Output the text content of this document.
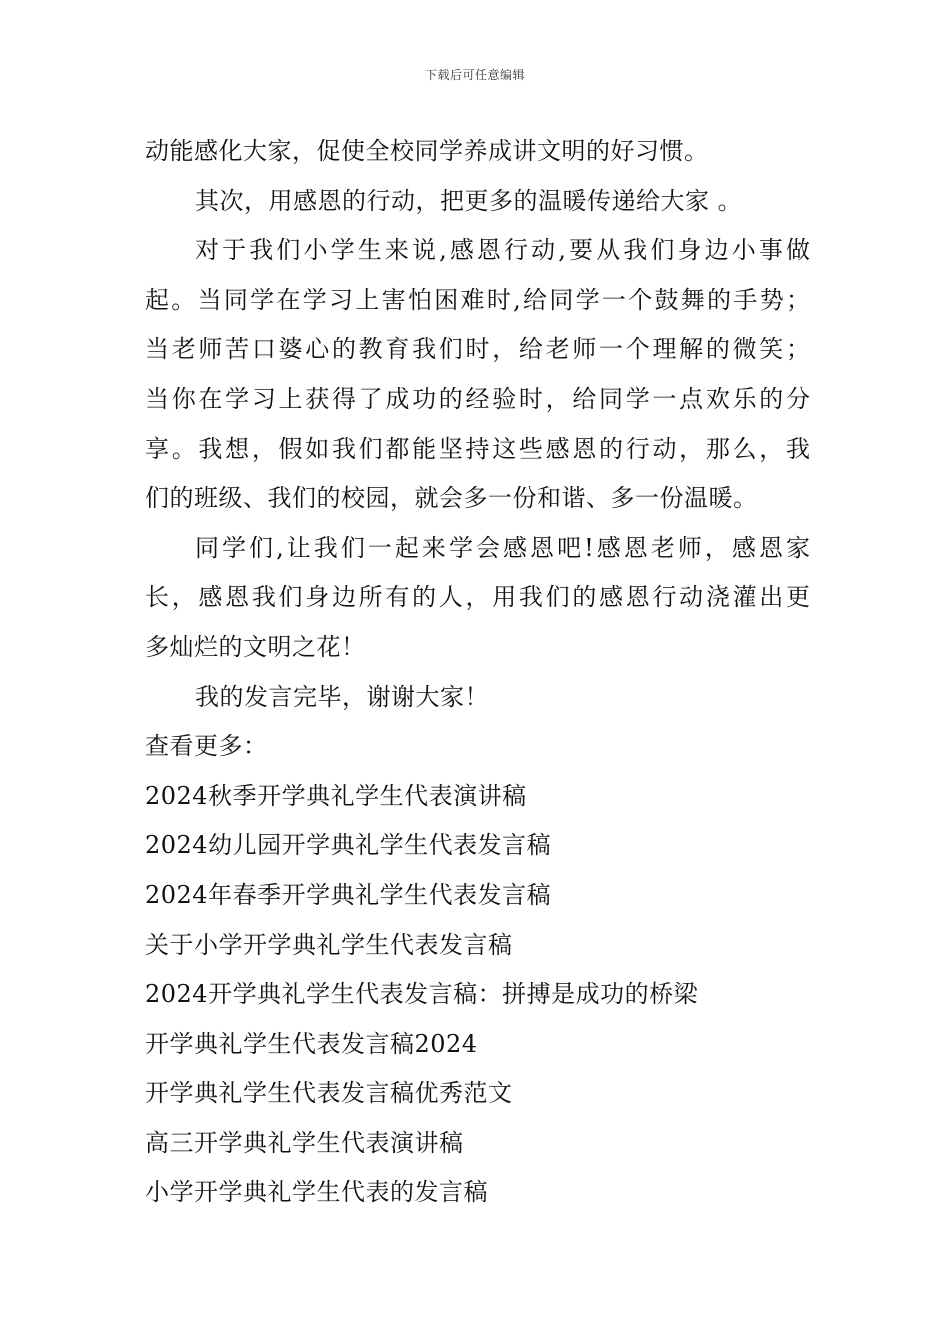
下载后可任意编辑
动能感化大家，促使全校同学养成讲文明的好习惯。
其次，用感恩的行动，把更多的温暖传递给大家 。
对于我们小学生来说,感恩行动,要从我们身边小事做
起。当同学在学习上害怕困难时,给同学一个鼓舞的手势；
当老师苦口婆心的教育我们时，给老师一个理解的微笑；
当你在学习上获得了成功的经验时，给同学一点欢乐的分
享。我想，假如我们都能坚持这些感恩的行动，那么，我
们的班级、我们的校园，就会多一份和谐、多一份温暖。
同学们,让我们一起来学会感恩吧!感恩老师，感恩家
长，感恩我们身边所有的人，用我们的感恩行动浇灌出更
多灿烂的文明之花！
我的发言完毕，谢谢大家！
查看更多：
2024秋季开学典礼学生代表演讲稿
2024幼儿园开学典礼学生代表发言稿
2024年春季开学典礼学生代表发言稿
关于小学开学典礼学生代表发言稿
2024开学典礼学生代表发言稿：拼搏是成功的桥梁
开学典礼学生代表发言稿2024
开学典礼学生代表发言稿优秀范文
高三开学典礼学生代表演讲稿
小学开学典礼学生代表的发言稿
